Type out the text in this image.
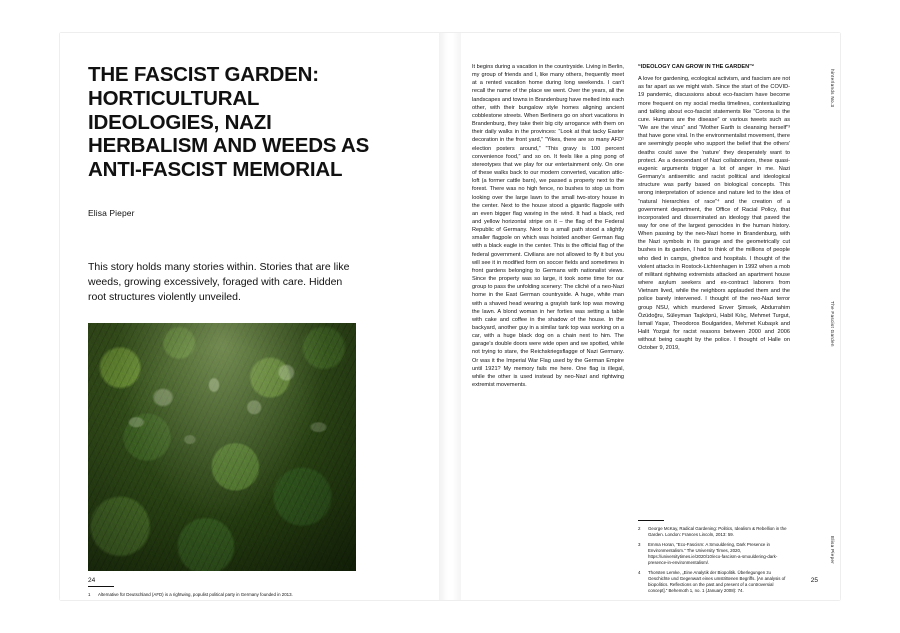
THE FASCIST GARDEN: HORTICULTURAL IDEOLOGIES, NAZI HERBALISM AND WEEDS AS ANTI-FASCIST MEMORIAL
Elisa Pieper

This story holds many stories within. Stories that are like weeds, growing excessively, foraged with care. Hidden root structures violently unveiled.

1	Alternative für Deutschland (AFD) is a rightwing, populist political party in Germany founded in 2013.
24

It begins during a vacation in the countryside. Living in Berlin, my group of friends and I, like many others, frequently meet at a rented vacation home during long weekends. I can't recall the name of the place we went. Over the years, all the landscapes and towns in Brandenburg have melted into each other, with their bungalow style homes aligning ancient cobblestone streets. When Berliners go on short vacations in Brandenburg, they take their big city arrogance with them on their daily walks in the provinces: “Look at that tacky Easter decoration in the front yard,” “Yikes, there are so many AFD¹ election posters around,” “This gravy is 100 percent convenience food,” and so on. It feels like a ping pong of stereotypes that we play for our entertainment only. On one of these walks back to our modern converted, vacation attic-loft (a former cattle barn), we passed a property next to the forest. There was no high fence, no bushes to stop us from looking over the large lawn to the small two-story house in the center. Next to the house stood a gigantic flagpole with an even bigger flag waving in the wind. It had a black, red and yellow horizontal stripe on it – the flag of the Federal Republic of Germany. Next to a small path stood a slightly smaller flagpole on which was hoisted another German flag with a black eagle in the center. This is the official flag of the federal government. Civilians are not allowed to fly it but you will see it in modified form on soccer fields and sometimes in front gardens belonging to Germans with nationalist views. Since the property was so large, it took some time for our group to pass the unfolding scenery: The cliché of a neo-Nazi home in the East German countryside. A huge, white man with a shaved head wearing a grayish tank top was mowing the lawn. A blond woman in her forties was setting a table with cake and coffee in the shadow of the house. In the backyard, another guy in a similar tank top was working on a car, with a huge black dog on a chain next to him. The garage's double doors were wide open and we spotted, while not trying to stare, the Reichskriegsflagge of Nazi Germany. Or was it the Imperial War Flag used by the German Empire until 1921? My memory fails me here. One flag is illegal, while the other is used instead by neo-Nazi and rightwing extremist movements.

“IDEOLOGY CAN GROW IN THE GARDEN”²

A love for gardening, ecological activism, and fascism are not as far apart as we might wish. Since the start of the COVID-19 pandemic, discussions about eco-fascism have become more frequent on my social media timelines, contextualizing and talking about eco-fascist statements like “Corona is the cure. Humans are the disease” or various tweets such as “We are the virus” and “Mother Earth is cleansing herself”³ that have gone viral. In the environmentalist movement, there are seemingly people who support the belief that the others' deaths could save the ‘nature’ they desperately want to protect. As a descendant of Nazi collaborators, these quasi-eugenic arguments trigger a lot of anger in me. Nazi Germany's antisemitic and racist political and ideological structure was partly based on biological concepts. This wrong interpretation of science and nature led to the idea of “natural hierarchies of race”⁴ and the creation of a government department, the Office of Racial Policy, that incorporated and disseminated an ideology that paved the way for one of the largest genocides in the human history. When passing by the neo-Nazi home in Brandenburg, with the Nazi symbols in its garage and the geometrically cut bushes in its garden, I had to think of the millions of people who died in camps, ghettos and hospitals. I thought of the violent attacks in Rostock-Lichtenhagen in 1992 when a mob of militant rightwing extremists attacked an apartment house where asylum seekers and ex-contract laborers from Vietnam lived, while the neighbors applauded them and the police barely intervened. I thought of the neo-Nazi terror group NSU, which murdered Enver Şimsek, Abdurrahim Özüdoğru, Süleyman Taşköprü, Habil Kılıç, Mehmet Turgut, İsmail Yaşar, Theodoros Boulgarides, Mehmet Kubaşık and Halit Yozgat for racist reasons between 2000 and 2006 without being caught by the police. I thought of Halle on October 9, 2019,

2	George McKay, Radical Gardening: Politics, Idealism & Rebellion in the Garden. London: Frances Lincoln, 2013: 59.
3	Emma Horan, “Eco-Fascism: A Smouldering, Dark Presence in Environmentalism.” The University Times, 2020, https://universitytimes.ie/2020/10/eco-fascism-a-smouldering-dark-presence-in-environmentalism/.
4	Thorsten Lemke, „Eine Analytik der Biopolitik. Überlegungen zu Geschichte und Gegenwart eines umstrittenen Begriffs. [An analysis of biopolitics. Reflections on the past and present of a controversial concept].“ Behemoth 1, no. 1 (January 2008): 74.
25
hinterlands No.3
The Fascist Garden
Elisa Pieper
